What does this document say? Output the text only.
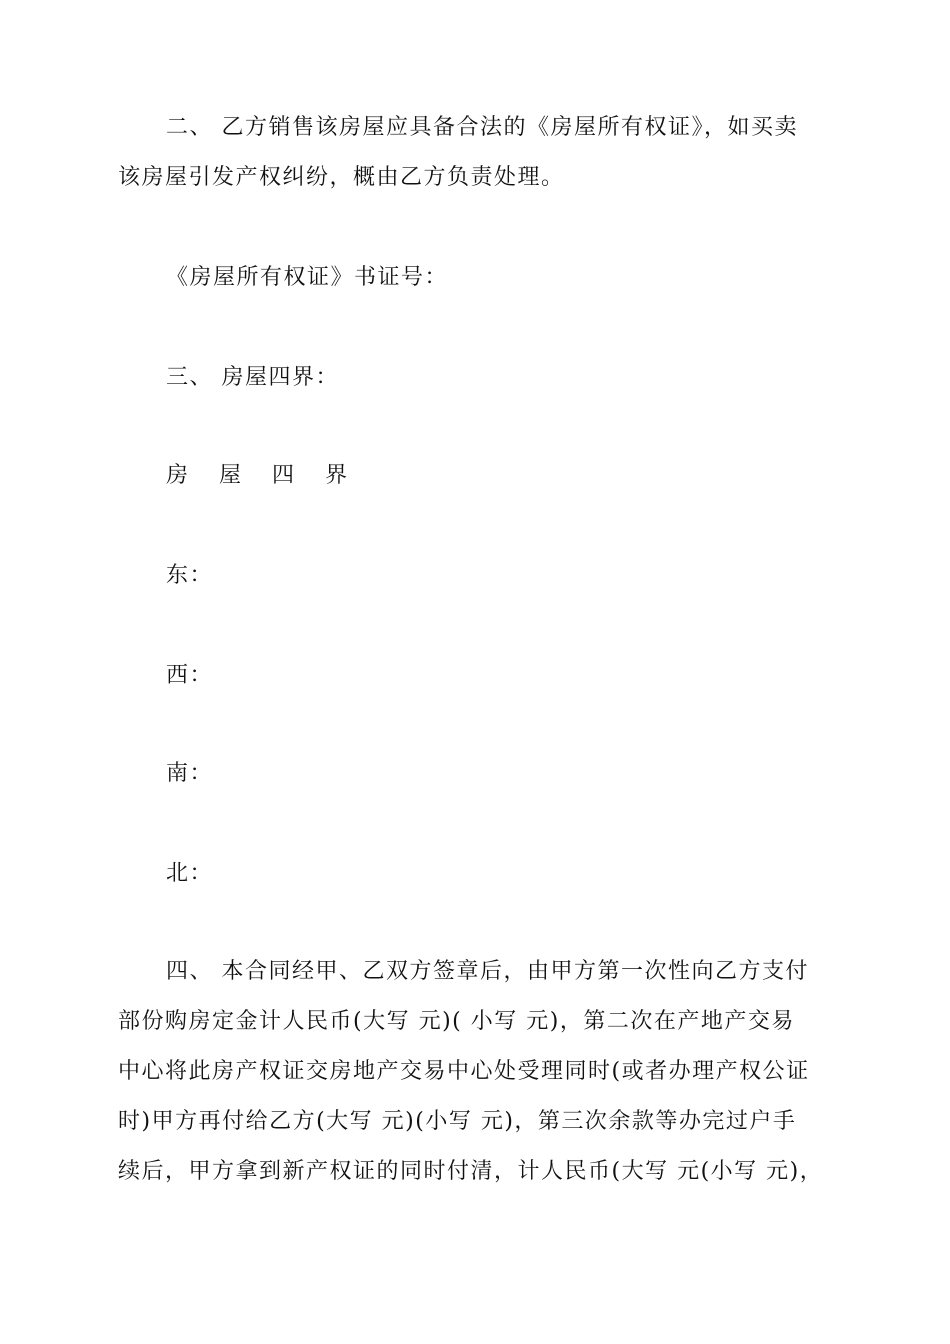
二、 乙方销售该房屋应具备合法的《房屋所有权证》，如买卖
该房屋引发产权纠纷，概由乙方负责处理。
《房屋所有权证》书证号：
三、 房屋四界：
房 屋 四 界
东：
西：
南：
北：
四、 本合同经甲、乙双方签章后，由甲方第一次性向乙方支付
部份购房定金计人民币(大写 元)( 小写 元)，第二次在产地产交易
中心将此房产权证交房地产交易中心处受理同时(或者办理产权公证
时)甲方再付给乙方(大写 元)(小写 元)，第三次余款等办完过户手
续后，甲方拿到新产权证的同时付清，计人民币(大写 元(小写 元)，
